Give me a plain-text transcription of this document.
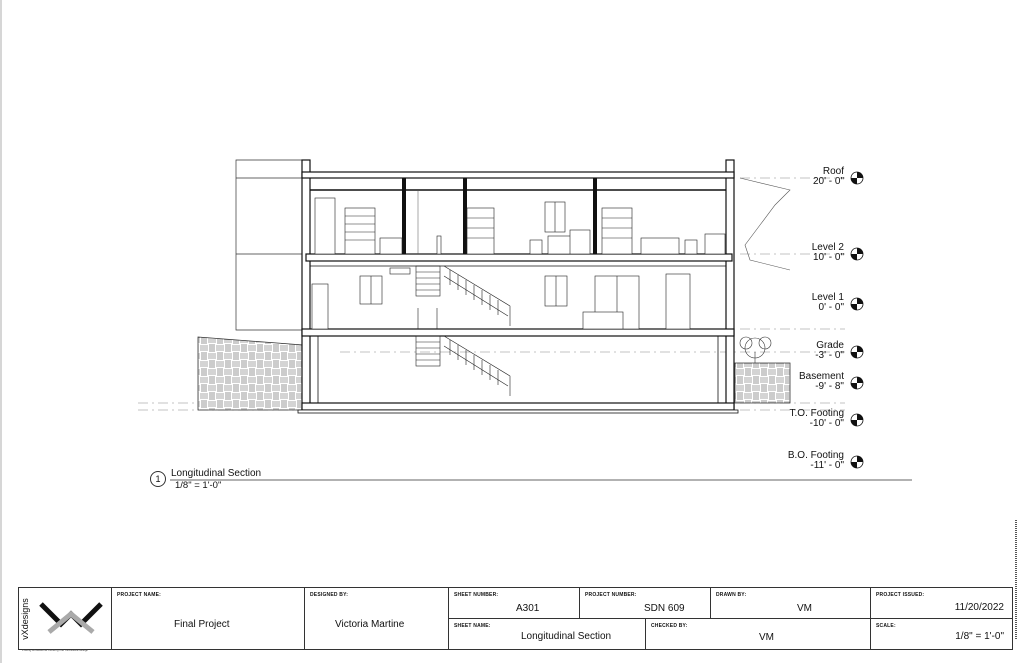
Roof
20' - 0"
Level 2
10' - 0"
Level 1
0' - 0"
Grade
-3' - 0"
Basement
-9' - 8"
T.O. Footing
-10' - 0"
B.O. Footing
-11' - 0"
1	Longitudinal Section
1/8" = 1'-0"
vXdesigns
Putting wholesome thinking into innovative design
PROJECT NAME:
Final Project
DESIGNED BY:
Victoria Martine
SHEET NUMBER:
A301
PROJECT NUMBER:
SDN 609
SHEET NAME:
Longitudinal Section
DRAWN BY:
VM
CHECKED BY:
VM
PROJECT ISSUED:
11/20/2022
SCALE:
1/8" = 1'-0"
